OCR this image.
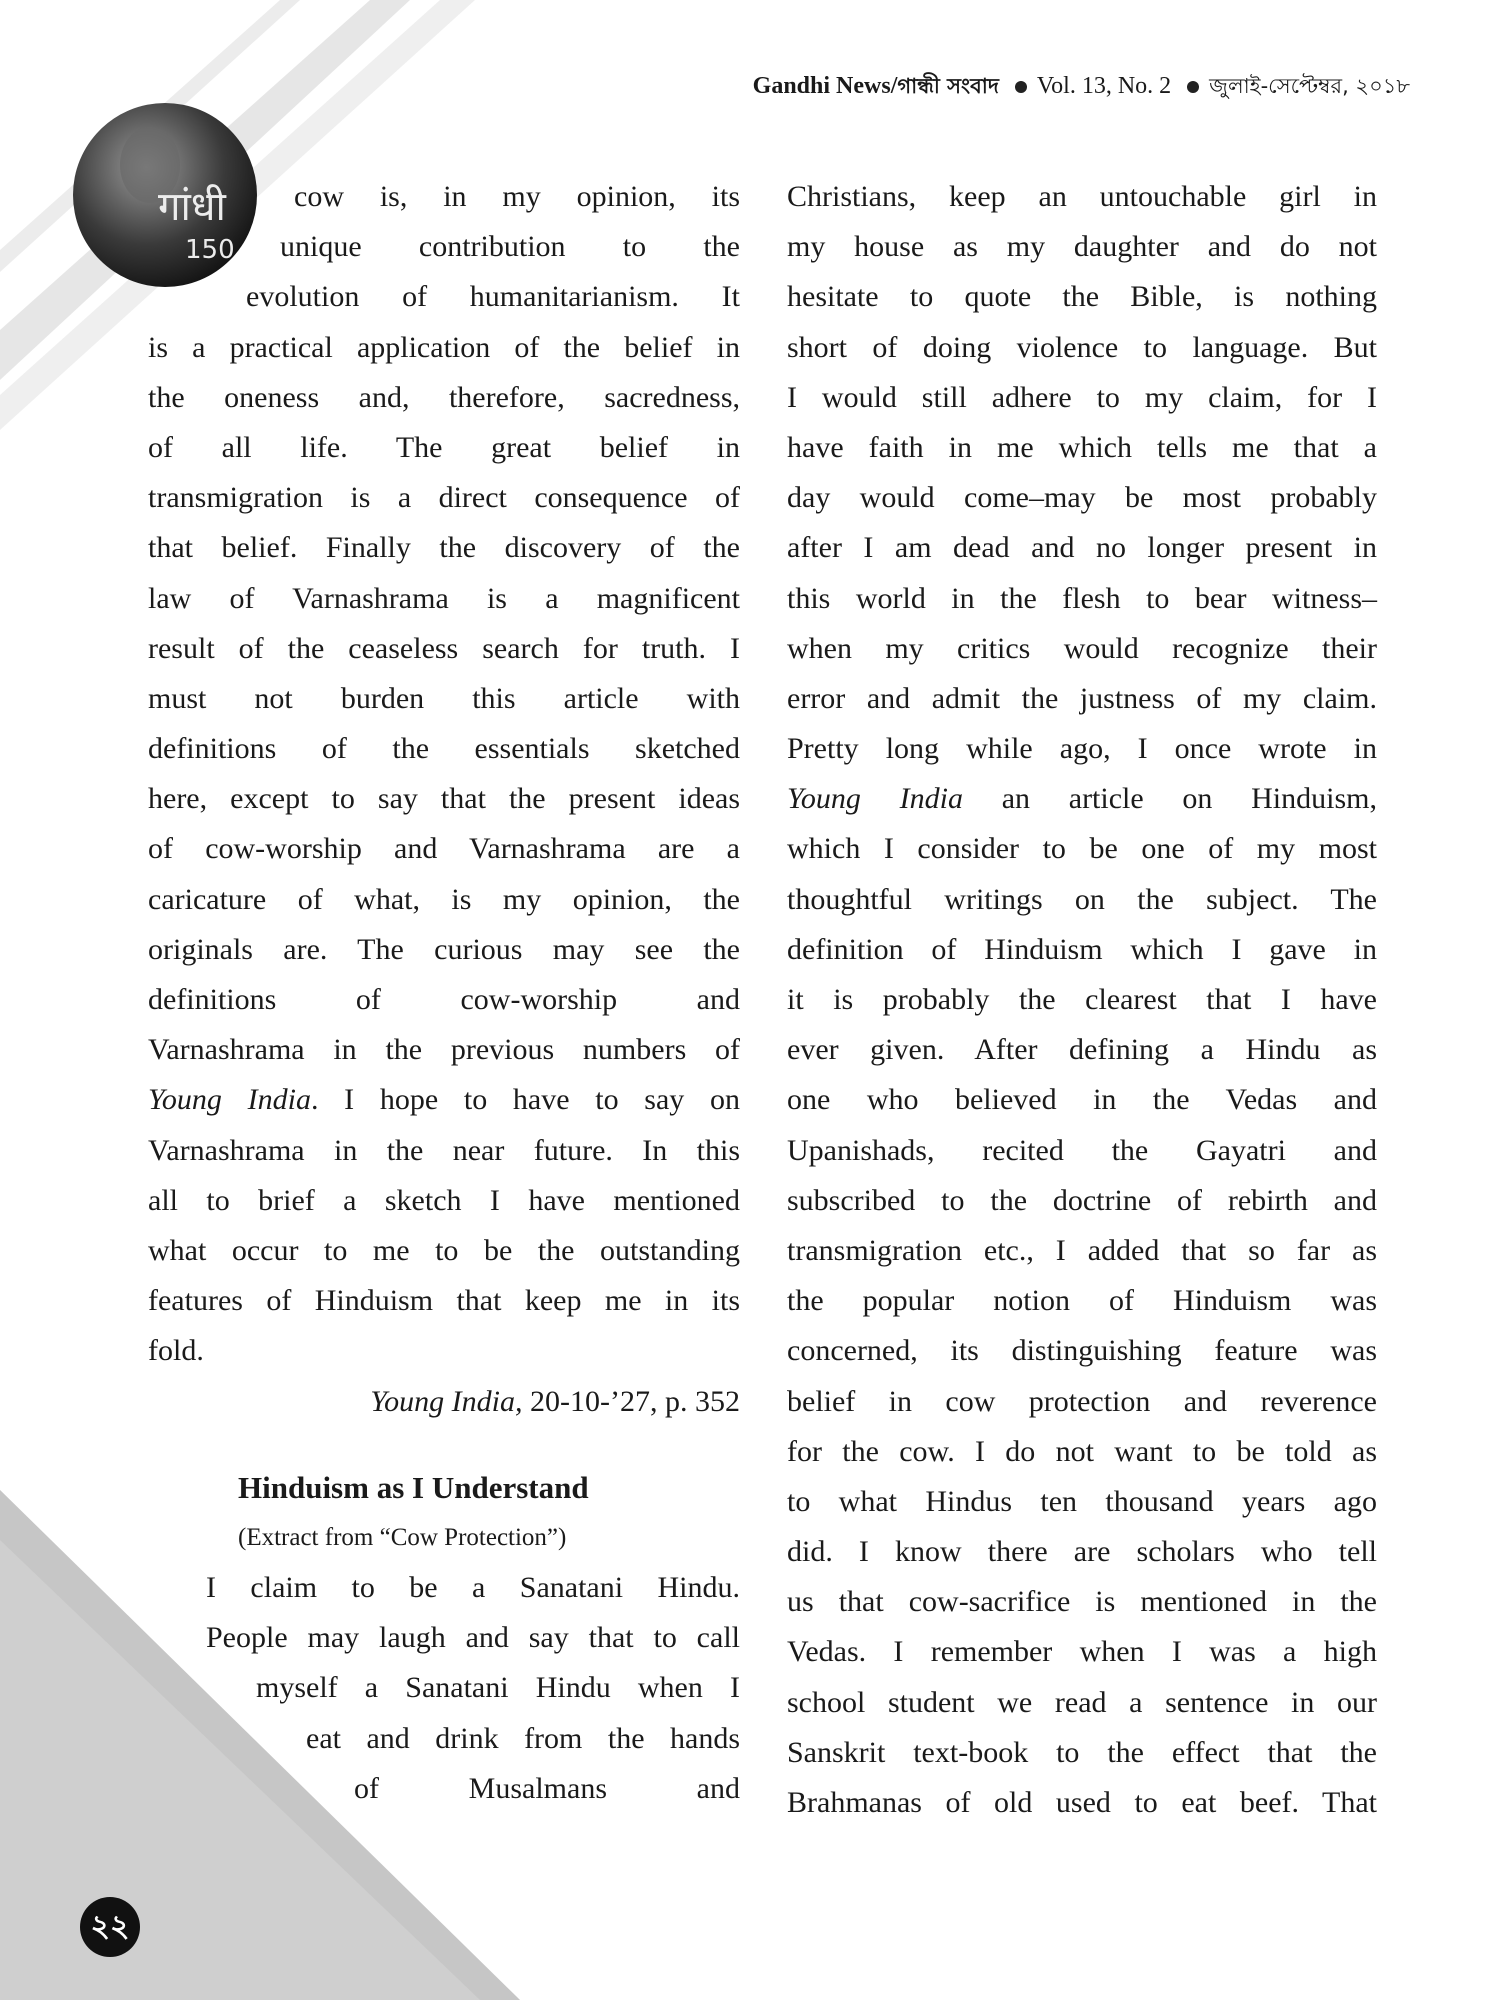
Gandhi News/গান্ধী সংবাদ Vol. 13, No. 2 জুলাই-সেপ্টেম্বর, ২০১৮
गांधी
150
cow is, in my opinion, its
unique contribution to the
evolution of humanitarianism. It
is a practical application of the belief in
the oneness and, therefore, sacredness,
of all life. The great belief in
transmigration is a direct consequence of
that belief. Finally the discovery of the
law of Varnashrama is a magnificent
result of the ceaseless search for truth. I
must not burden this article with
definitions of the essentials sketched
here, except to say that the present ideas
of cow-worship and Varnashrama are a
caricature of what, is my opinion, the
originals are. The curious may see the
definitions of cow-worship and
Varnashrama in the previous numbers of
Young India. I hope to have to say on
Varnashrama in the near future. In this
all to brief a sketch I have mentioned
what occur to me to be the outstanding
features of Hinduism that keep me in its
fold.
Young India, 20-10-’27, p. 352
Hinduism as I Understand
(Extract from “Cow Protection”)
I claim to be a Sanatani Hindu.
People may laugh and say that to call
myself a Sanatani Hindu when I
eat and drink from the hands
of Musalmans and
Christians, keep an untouchable girl in
my house as my daughter and do not
hesitate to quote the Bible, is nothing
short of doing violence to language. But
I would still adhere to my claim, for I
have faith in me which tells me that a
day would come–may be most probably
after I am dead and no longer present in
this world in the flesh to bear witness–
when my critics would recognize their
error and admit the justness of my claim.
Pretty long while ago, I once wrote in
Young India an article on Hinduism,
which I consider to be one of my most
thoughtful writings on the subject. The
definition of Hinduism which I gave in
it is probably the clearest that I have
ever given. After defining a Hindu as
one who believed in the Vedas and
Upanishads, recited the Gayatri and
subscribed to the doctrine of rebirth and
transmigration etc., I added that so far as
the popular notion of Hinduism was
concerned, its distinguishing feature was
belief in cow protection and reverence
for the cow. I do not want to be told as
to what Hindus ten thousand years ago
did. I know there are scholars who tell
us that cow-sacrifice is mentioned in the
Vedas. I remember when I was a high
school student we read a sentence in our
Sanskrit text-book to the effect that the
Brahmanas of old used to eat beef. That
২২
